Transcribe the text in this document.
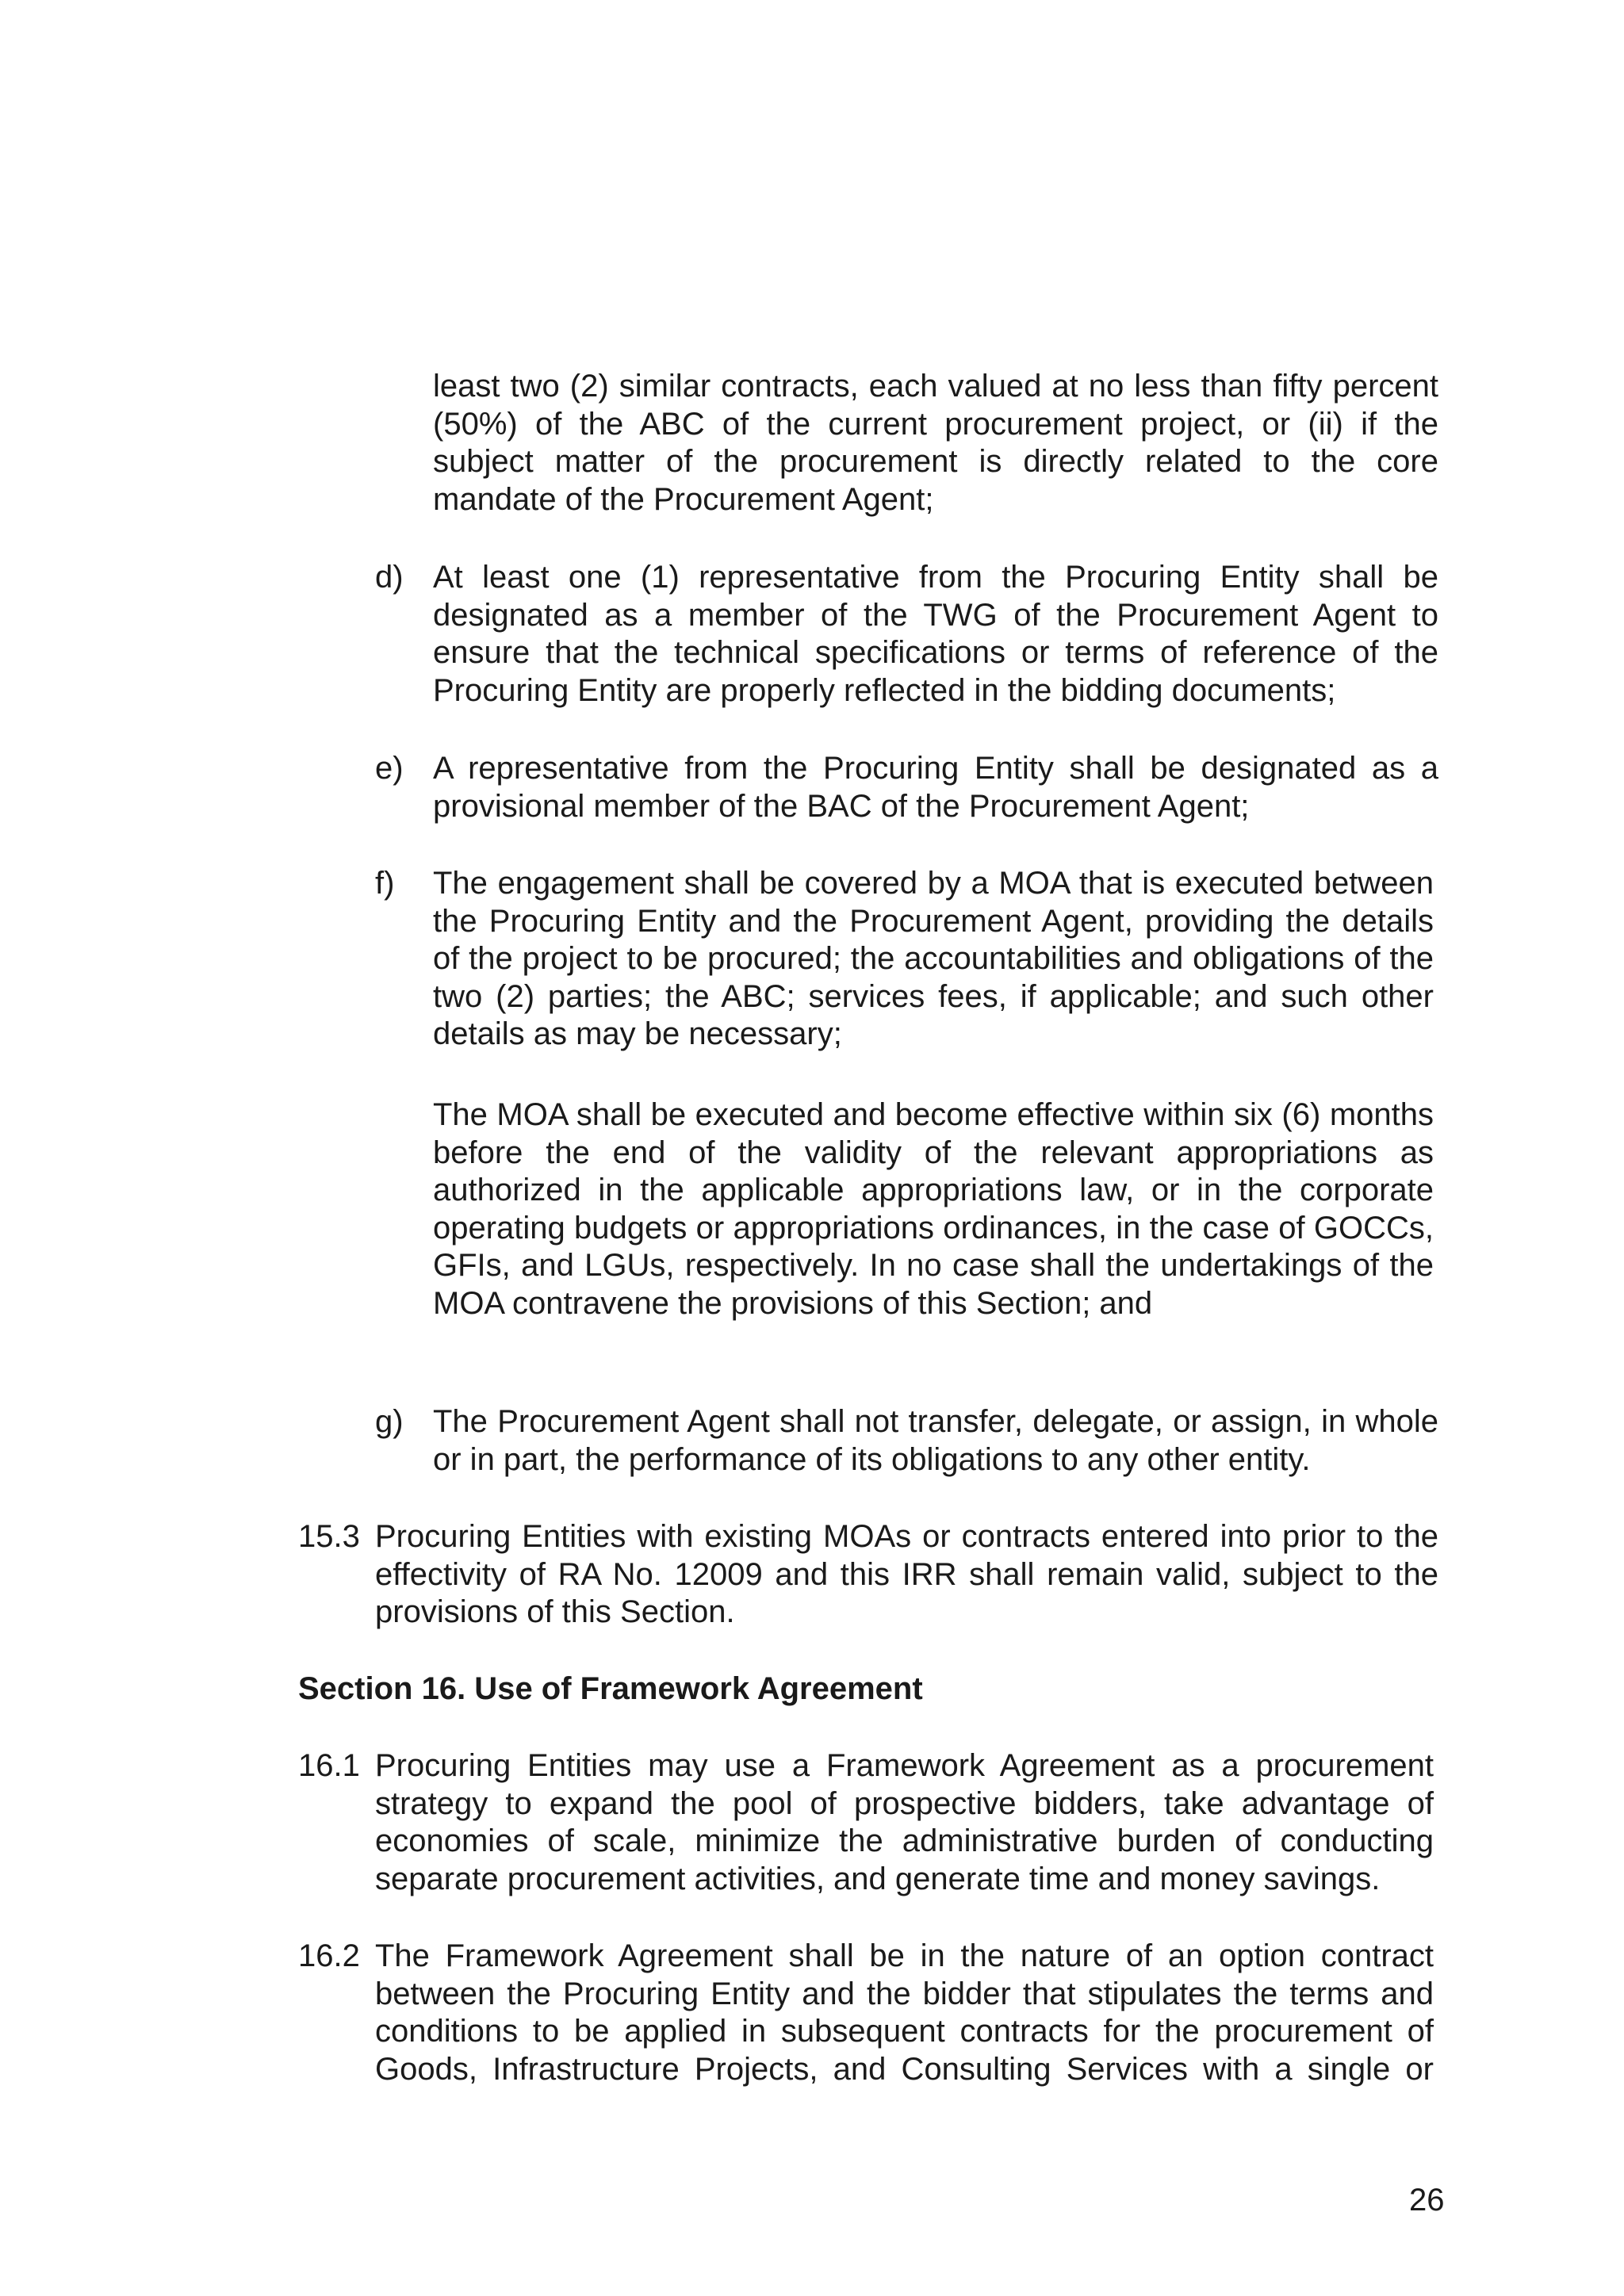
least two (2) similar contracts, each valued at no less than fifty percent (50%) of the ABC of the current procurement project, or (ii) if the subject matter of the procurement is directly related to the core mandate of the Procurement Agent;
d) At least one (1) representative from the Procuring Entity shall be designated as a member of the TWG of the Procurement Agent to ensure that the technical specifications or terms of reference of the Procuring Entity are properly reflected in the bidding documents;
e) A representative from the Procuring Entity shall be designated as a provisional member of the BAC of the Procurement Agent;
f) The engagement shall be covered by a MOA that is executed between the Procuring Entity and the Procurement Agent, providing the details of the project to be procured; the accountabilities and obligations of the two (2) parties; the ABC; services fees, if applicable; and such other details as may be necessary;
The MOA shall be executed and become effective within six (6) months before the end of the validity of the relevant appropriations as authorized in the applicable appropriations law, or in the corporate operating budgets or appropriations ordinances, in the case of GOCCs, GFIs, and LGUs, respectively. In no case shall the undertakings of the MOA contravene the provisions of this Section; and
g) The Procurement Agent shall not transfer, delegate, or assign, in whole or in part, the performance of its obligations to any other entity.
15.3 Procuring Entities with existing MOAs or contracts entered into prior to the effectivity of RA No. 12009 and this IRR shall remain valid, subject to the provisions of this Section.
Section 16. Use of Framework Agreement
16.1 Procuring Entities may use a Framework Agreement as a procurement strategy to expand the pool of prospective bidders, take advantage of economies of scale, minimize the administrative burden of conducting separate procurement activities, and generate time and money savings.
16.2 The Framework Agreement shall be in the nature of an option contract between the Procuring Entity and the bidder that stipulates the terms and conditions to be applied in subsequent contracts for the procurement of Goods, Infrastructure Projects, and Consulting Services with a single or
26
